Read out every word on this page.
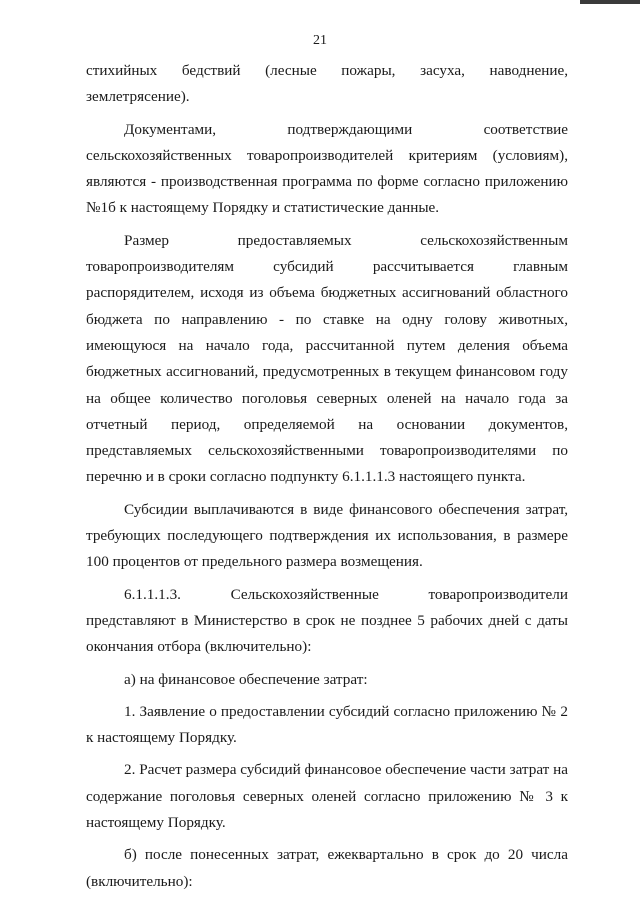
21

стихийных бедствий (лесные пожары, засуха, наводнение, землетрясение).

Документами, подтверждающими соответствие сельскохозяйственных товаропроизводителей критериям (условиям), являются - производственная программа по форме согласно приложению №1б к настоящему Порядку и статистические данные.

Размер предоставляемых сельскохозяйственным товаропроизводителям субсидий рассчитывается главным распорядителем, исходя из объема бюджетных ассигнований областного бюджета по направлению - по ставке на одну голову животных, имеющуюся на начало года, рассчитанной путем деления объема бюджетных ассигнований, предусмотренных в текущем финансовом году на общее количество поголовья северных оленей на начало года за отчетный период, определяемой на основании документов, представляемых сельскохозяйственными товаропроизводителями по перечню и в сроки согласно подпункту 6.1.1.1.3 настоящего пункта.

Субсидии выплачиваются в виде финансового обеспечения затрат, требующих последующего подтверждения их использования, в размере 100 процентов от предельного размера возмещения.

6.1.1.1.3. Сельскохозяйственные товаропроизводители представляют в Министерство в срок не позднее 5 рабочих дней с даты окончания отбора (включительно):

а) на финансовое обеспечение затрат:

1. Заявление о предоставлении субсидий согласно приложению № 2 к настоящему Порядку.

2. Расчет размера субсидий финансовое обеспечение части затрат на содержание поголовья северных оленей согласно приложению № 3 к настоящему Порядку.

б) после понесенных затрат, ежеквартально в срок до 20 числа (включительно):
